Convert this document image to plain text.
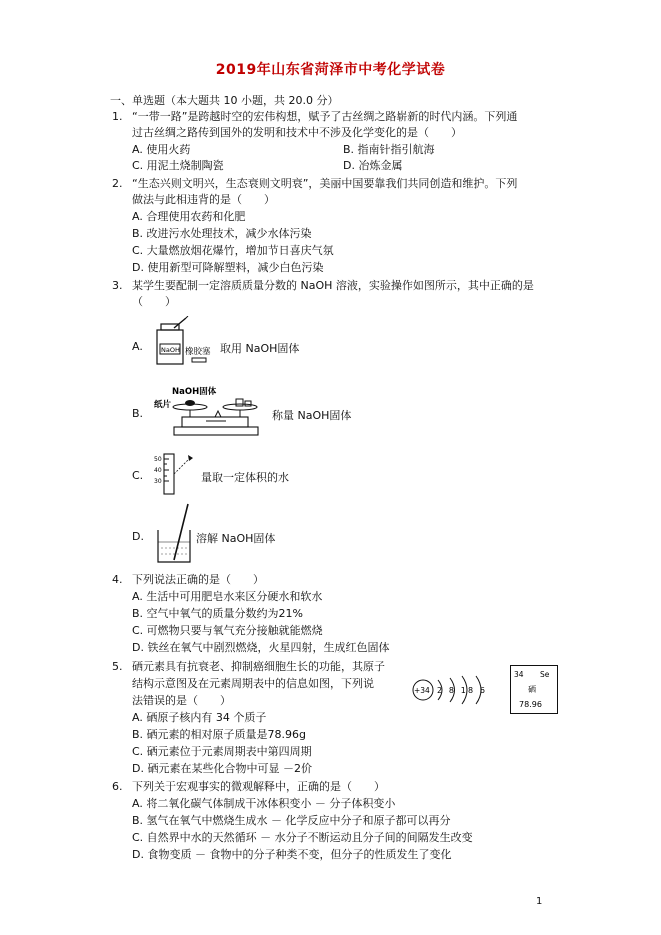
2019年山东省菏泽市中考化学试卷
一、单选题（本大题共 10 小题，共 20.0 分）
1. “一带一路”是跨越时空的宏伟构想，赋予了古丝绸之路崭新的时代内涵。下列通
过古丝绸之路传到国外的发明和技术中不涉及化学变化的是（　　）
A. 使用火药	B. 指南针指引航海
C. 用泥土烧制陶瓷	D. 冶炼金属
2. “生态兴则文明兴，生态衰则文明衰”，美丽中国要靠我们共同创造和维护。下列
做法与此相违背的是（　　）
A. 合理使用农药和化肥
B. 改进污水处理技术，减少水体污染
C. 大量燃放烟花爆竹，增加节日喜庆气氛
D. 使用新型可降解塑料，减少白色污染
3. 某学生要配制一定溶质质量分数的 NaOH 溶液，实验操作如图所示，其中正确的是
（　　）
A.	NaOH 橡胶塞 取用 NaOH固体
B.
NaOH固体
纸片
称量 NaOH固体
C.
50
40
30	量取一定体积的水
D.	溶解 NaOH固体
4. 下列说法正确的是（　　）
A. 生活中可用肥皂水来区分硬水和软水
B. 空气中氧气的质量分数约为21%
C. 可燃物只要与氧气充分接触就能燃烧
D. 铁丝在氧气中剧烈燃烧，火星四射，生成红色固体
5. 硒元素具有抗衰老、抑制癌细胞生长的功能，其原子
结构示意图及在元素周期表中的信息如图，下列说
法错误的是（　　）
+34 2 8 18 6
34 Se
硒
78.96
A. 硒原子核内有 34 个质子
B. 硒元素的相对原子质量是78.96g
C. 硒元素位于元素周期表中第四周期
D. 硒元素在某些化合物中可显 －2价
6. 下列关于宏观事实的微观解释中，正确的是（　　）
A. 将二氧化碳气体制成干冰体积变小 － 分子体积变小
B. 氢气在氧气中燃烧生成水 － 化学反应中分子和原子都可以再分
C. 自然界中水的天然循环 － 水分子不断运动且分子间的间隔发生改变
D. 食物变质 － 食物中的分子种类不变，但分子的性质发生了变化
1
